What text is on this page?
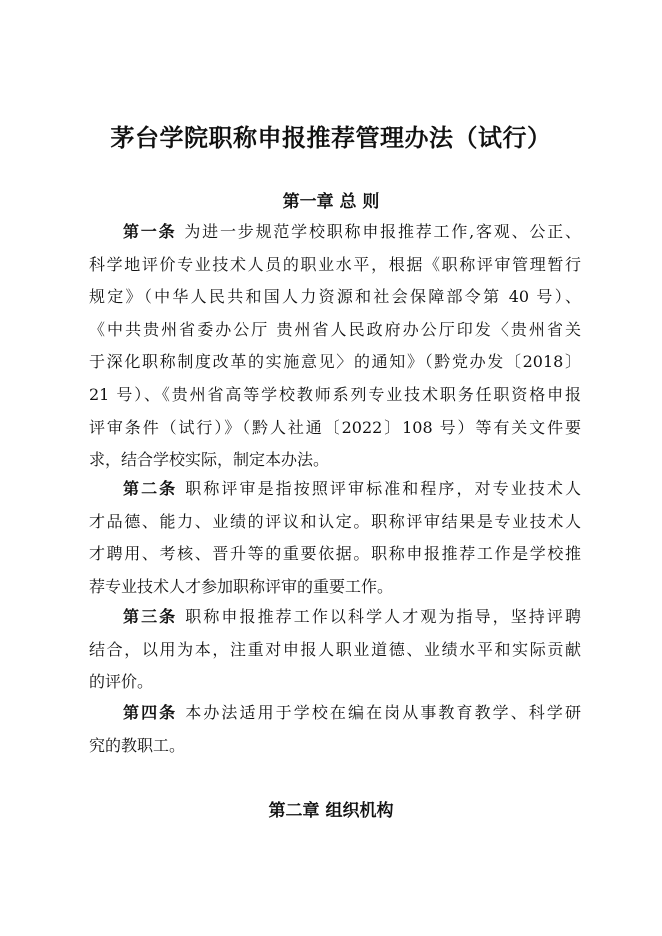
茅台学院职称申报推荐管理办法（试行）
第一章 总 则
第一条 为进一步规范学校职称申报推荐工作,客观、公正、
科学地评价专业技术人员的职业水平，根据《职称评审管理暂行
规定》（中华人民共和国人力资源和社会保障部令第 40 号）、
《中共贵州省委办公厅 贵州省人民政府办公厅印发〈贵州省关
于深化职称制度改革的实施意见〉的通知》（黔党办发〔2018〕
21 号）、《贵州省高等学校教师系列专业技术职务任职资格申报
评审条件（试行）》（黔人社通〔2022〕108 号）等有关文件要
求，结合学校实际，制定本办法。
第二条 职称评审是指按照评审标准和程序，对专业技术人
才品德、能力、业绩的评议和认定。职称评审结果是专业技术人
才聘用、考核、晋升等的重要依据。职称申报推荐工作是学校推
荐专业技术人才参加职称评审的重要工作。
第三条 职称申报推荐工作以科学人才观为指导，坚持评聘
结合，以用为本，注重对申报人职业道德、业绩水平和实际贡献
的评价。
第四条 本办法适用于学校在编在岗从事教育教学、科学研
究的教职工。
第二章 组织机构
